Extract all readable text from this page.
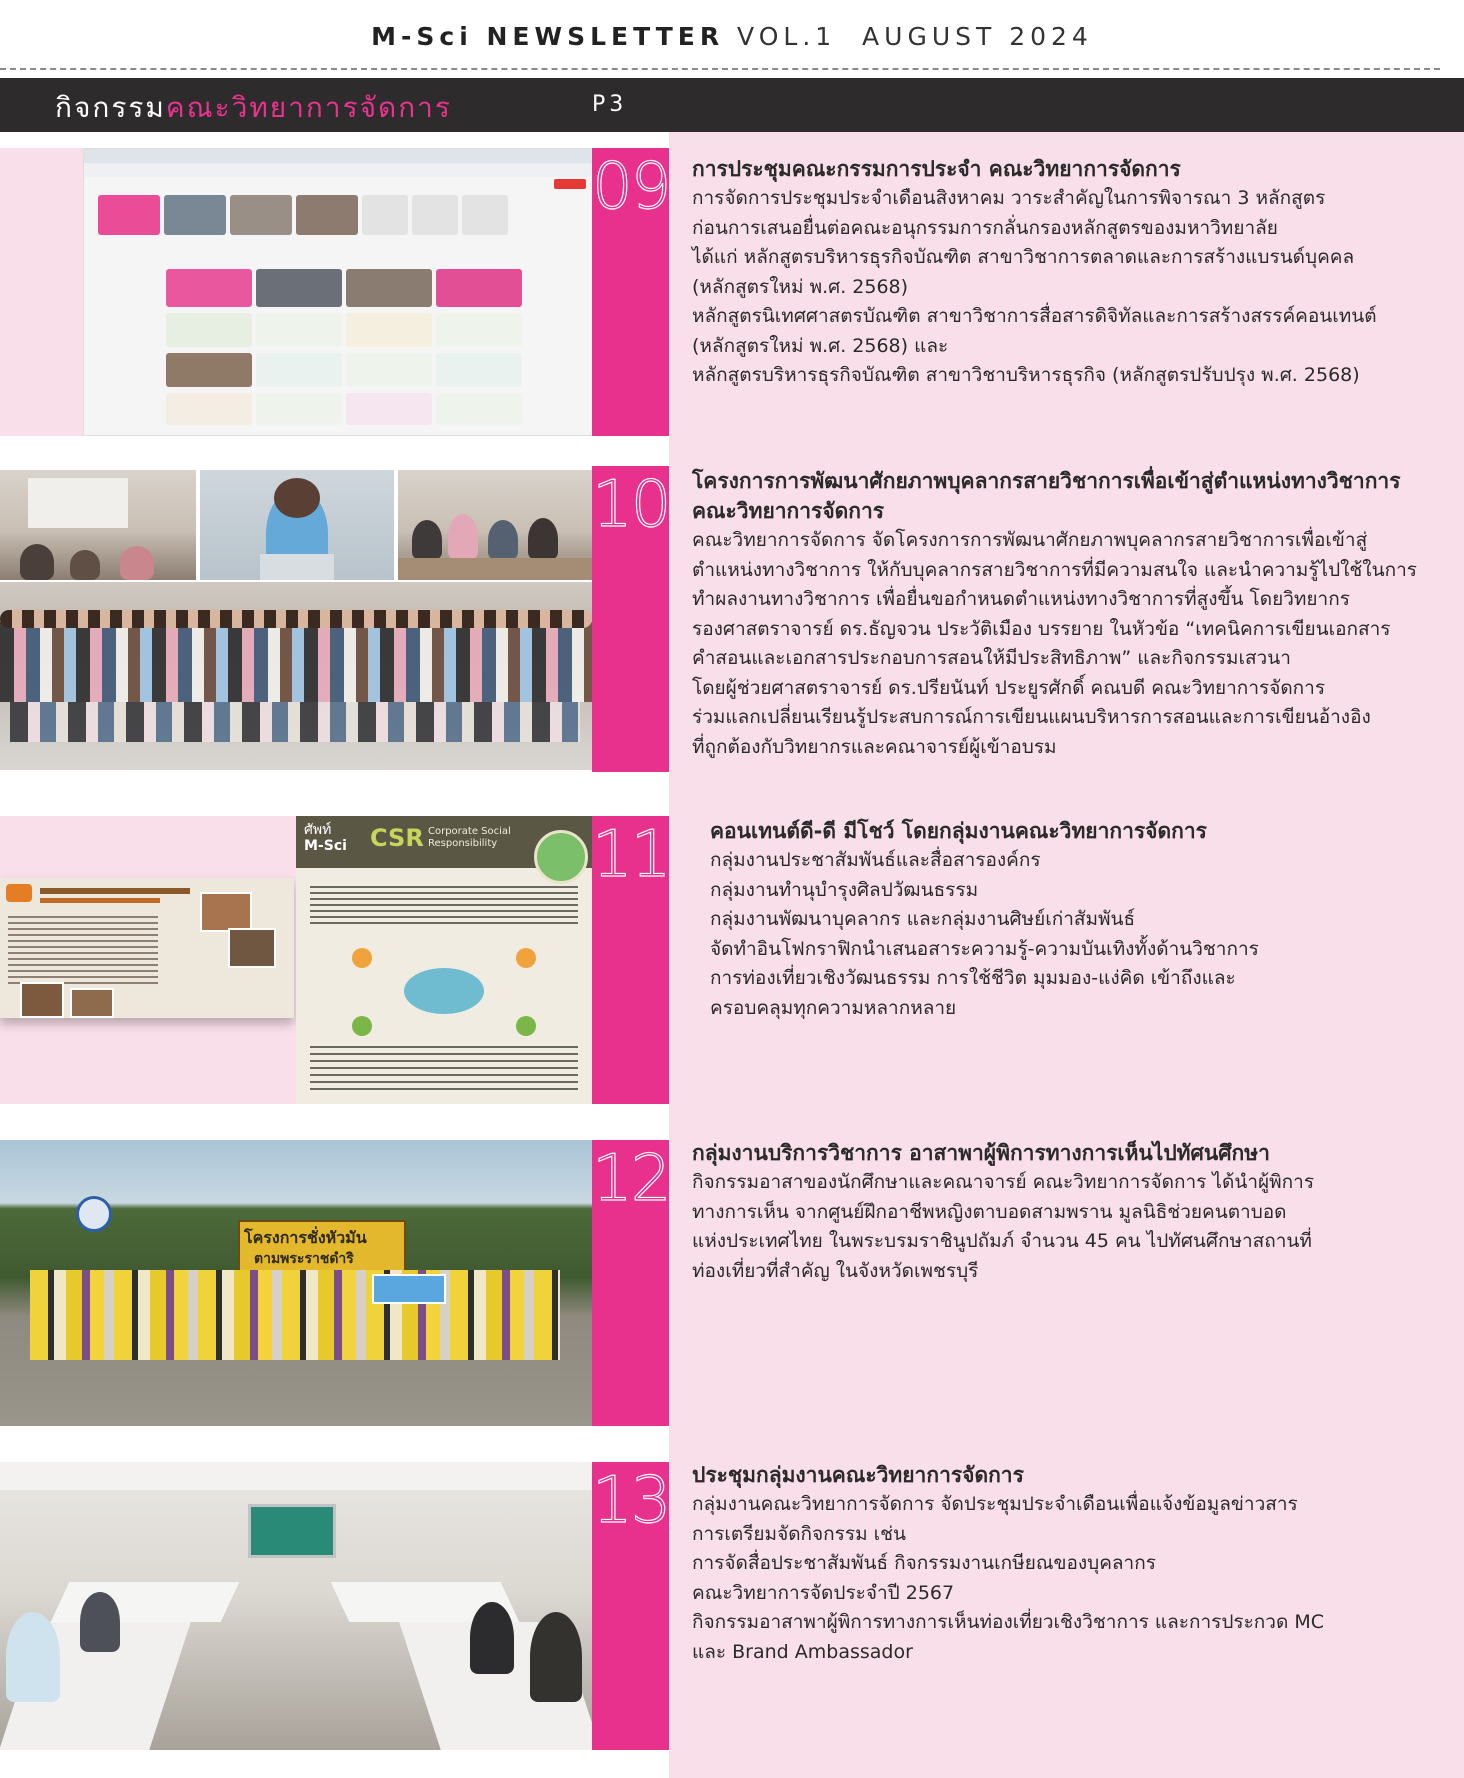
M-Sci NEWSLETTER VOL.1  AUGUST 2024
กิจกรรมคณะวิทยาการจัดการ	P3
09 การประชุมคณะกรรมการประจำ คณะวิทยาการจัดการ

การจัดการประชุมประจำเดือนสิงหาคม วาระสำคัญในการพิจารณา 3 หลักสูตร
ก่อนการเสนอยื่นต่อคณะอนุกรรมการกลั่นกรองหลักสูตรของมหาวิทยาลัย
ได้แก่ หลักสูตรบริหารธุรกิจบัณฑิต สาขาวิชาการตลาดและการสร้างแบรนด์บุคคล
(หลักสูตรใหม่ พ.ศ. 2568)
หลักสูตรนิเทศศาสตรบัณฑิต สาขาวิชาการสื่อสารดิจิทัลและการสร้างสรรค์คอนเทนต์
(หลักสูตรใหม่ พ.ศ. 2568) และ
หลักสูตรบริหารธุรกิจบัณฑิต สาขาวิชาบริหารธุรกิจ (หลักสูตรปรับปรุง พ.ศ. 2568)

10 โครงการการพัฒนาศักยภาพบุคลากรสายวิชาการเพื่อเข้าสู่ตำแหน่งทางวิชาการ
คณะวิทยาการจัดการ

คณะวิทยาการจัดการ จัดโครงการการพัฒนาศักยภาพบุคลากรสายวิชาการเพื่อเข้าสู่
ตำแหน่งทางวิชาการ ให้กับบุคลากรสายวิชาการที่มีความสนใจ และนำความรู้ไปใช้ในการ
ทำผลงานทางวิชาการ เพื่อยื่นขอกำหนดตำแหน่งทางวิชาการที่สูงขึ้น โดยวิทยากร
รองศาสตราจารย์ ดร.ธัญจวน ประวัติเมือง บรรยาย ในหัวข้อ “เทคนิคการเขียนเอกสาร
คำสอนและเอกสารประกอบการสอนให้มีประสิทธิภาพ” และกิจกรรมเสวนา
โดยผู้ช่วยศาสตราจารย์ ดร.ปรียนันท์ ประยูรศักดิ์ คณบดี คณะวิทยาการจัดการ
ร่วมแลกเปลี่ยนเรียนรู้ประสบการณ์การเขียนแผนบริหารการสอนและการเขียนอ้างอิง
ที่ถูกต้องกับวิทยากรและคณาจารย์ผู้เข้าอบรม

ศัพท์
M-Sci CSR Corporate Social Responsibility	11 คอนเทนต์ดี-ดี มีโชว์ โดยกลุ่มงานคณะวิทยาการจัดการ

กลุ่มงานประชาสัมพันธ์และสื่อสารองค์กร
กลุ่มงานทำนุบำรุงศิลปวัฒนธรรม
กลุ่มงานพัฒนาบุคลากร และกลุ่มงานศิษย์เก่าสัมพันธ์
จัดทำอินโฟกราฟิกนำเสนอสาระความรู้-ความบันเทิงทั้งด้านวิชาการ
การท่องเที่ยวเชิงวัฒนธรรม การใช้ชีวิต มุมมอง-แง่คิด เข้าถึงและ
ครอบคลุมทุกความหลากหลาย

โครงการชั่งหัวมัน
ตามพระราชดำริ
12 กลุ่มงานบริการวิชาการ อาสาพาผู้พิการทางการเห็นไปทัศนศึกษา

กิจกรรมอาสาของนักศึกษาและคณาจารย์ คณะวิทยาการจัดการ ได้นำผู้พิการ
ทางการเห็น จากศูนย์ฝึกอาชีพหญิงตาบอดสามพราน มูลนิธิช่วยคนตาบอด
แห่งประเทศไทย ในพระบรมราชินูปถัมภ์ จำนวน 45 คน ไปทัศนศึกษาสถานที่
ท่องเที่ยวที่สำคัญ ในจังหวัดเพชรบุรี

13 ประชุมกลุ่มงานคณะวิทยาการจัดการ

กลุ่มงานคณะวิทยาการจัดการ จัดประชุมประจำเดือนเพื่อแจ้งข้อมูลข่าวสาร
การเตรียมจัดกิจกรรม เช่น
การจัดสื่อประชาสัมพันธ์ กิจกรรมงานเกษียณของบุคลากร
คณะวิทยาการจัดประจำปี 2567
กิจกรรมอาสาพาผู้พิการทางการเห็นท่องเที่ยวเชิงวิชาการ และการประกวด MC
และ Brand Ambassador
